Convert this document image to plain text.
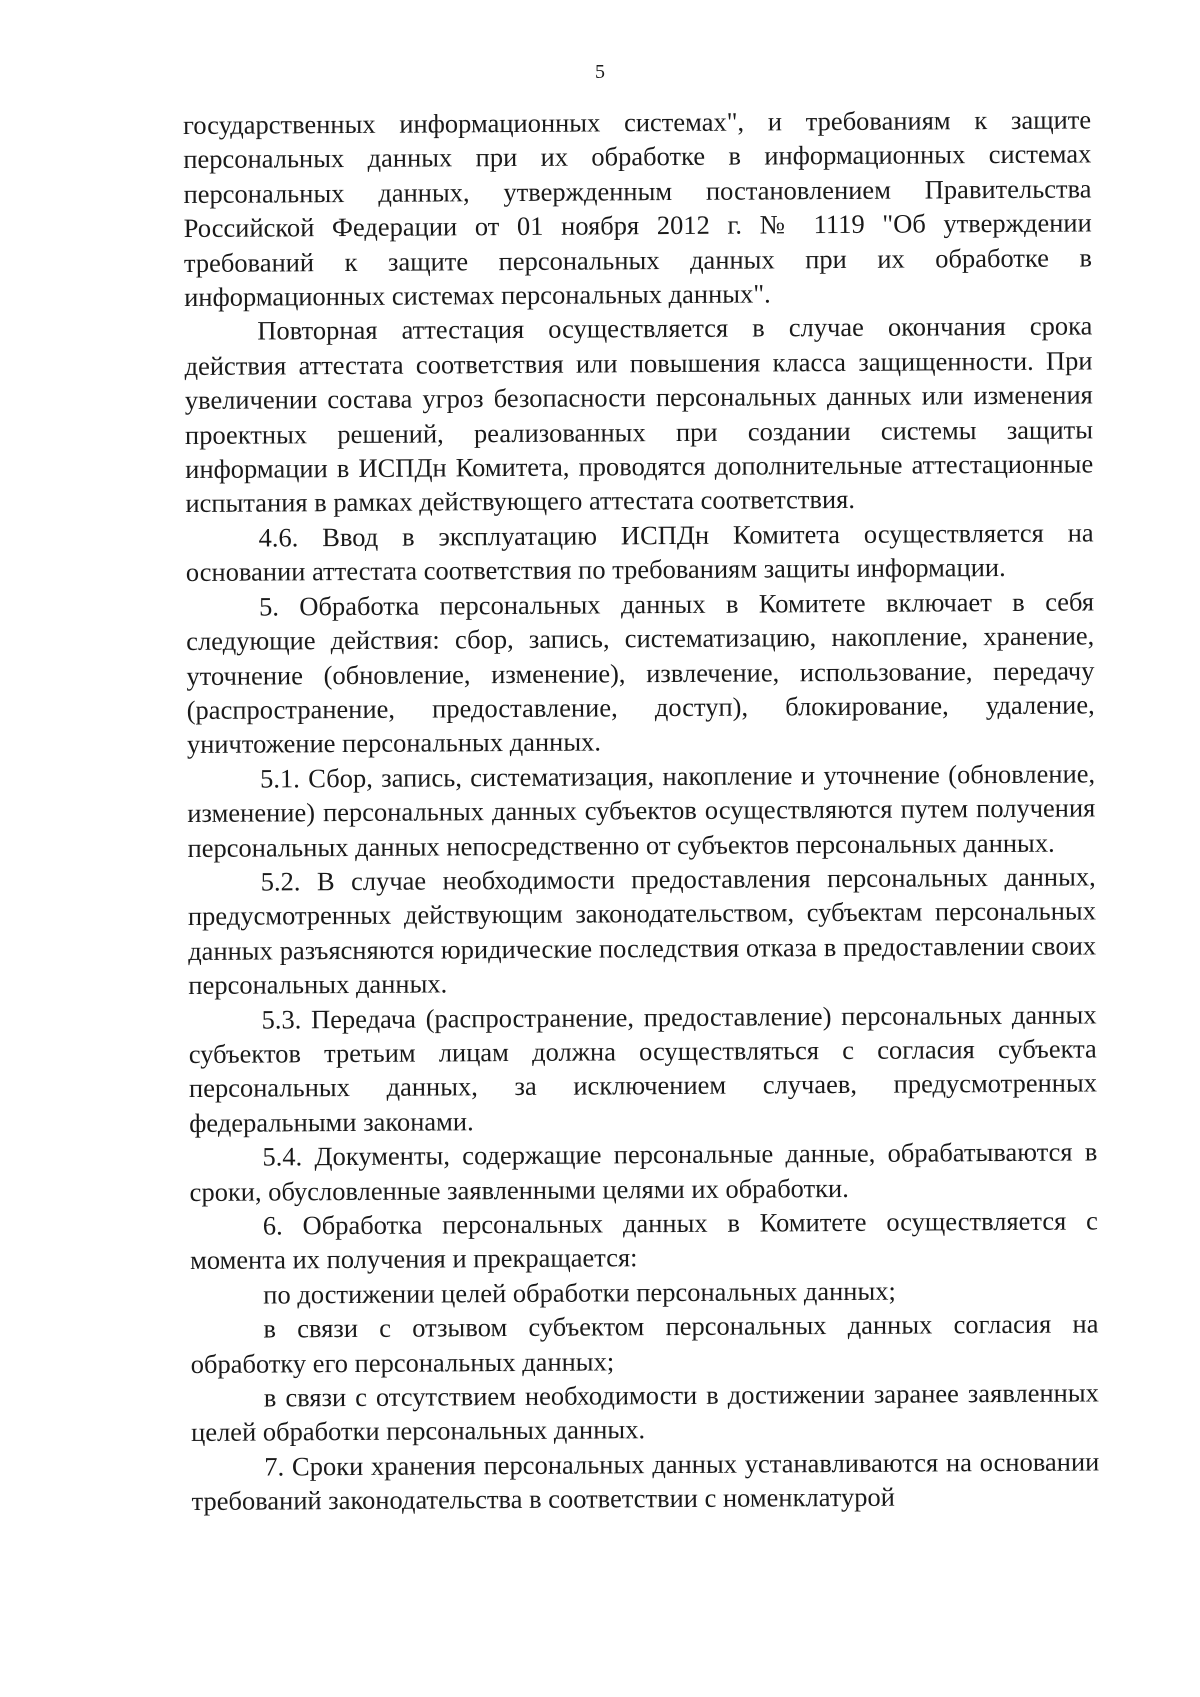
5

государственных информационных системах", и требованиям к защите персональных данных при их обработке в информационных системах персональных данных, утвержденным постановлением Правительства Российской Федерации от 01 ноября 2012 г. № 1119 "Об утверждении требований к защите персональных данных при их обработке в информационных системах персональных данных".

Повторная аттестация осуществляется в случае окончания срока действия аттестата соответствия или повышения класса защищенности. При увеличении состава угроз безопасности персональных данных или изменения проектных решений, реализованных при создании системы защиты информации в ИСПДн Комитета, проводятся дополнительные аттестационные испытания в рамках действующего аттестата соответствия.

4.6. Ввод в эксплуатацию ИСПДн Комитета осуществляется на основании аттестата соответствия по требованиям защиты информации.

5. Обработка персональных данных в Комитете включает в себя следующие действия: сбор, запись, систематизацию, накопление, хранение, уточнение (обновление, изменение), извлечение, использование, передачу (распространение, предоставление, доступ), блокирование, удаление, уничтожение персональных данных.

5.1. Сбор, запись, систематизация, накопление и уточнение (обновление, изменение) персональных данных субъектов осуществляются путем получения персональных данных непосредственно от субъектов персональных данных.

5.2. В случае необходимости предоставления персональных данных, предусмотренных действующим законодательством, субъектам персональных данных разъясняются юридические последствия отказа в предоставлении своих персональных данных.

5.3. Передача (распространение, предоставление) персональных данных субъектов третьим лицам должна осуществляться с согласия субъекта персональных данных, за исключением случаев, предусмотренных федеральными законами.

5.4. Документы, содержащие персональные данные, обрабатываются в сроки, обусловленные заявленными целями их обработки.

6. Обработка персональных данных в Комитете осуществляется с момента их получения и прекращается:

по достижении целей обработки персональных данных;

в связи с отзывом субъектом персональных данных согласия на обработку его персональных данных;

в связи с отсутствием необходимости в достижении заранее заявленных целей обработки персональных данных.

7. Сроки хранения персональных данных устанавливаются на основании требований законодательства в соответствии с номенклатурой
